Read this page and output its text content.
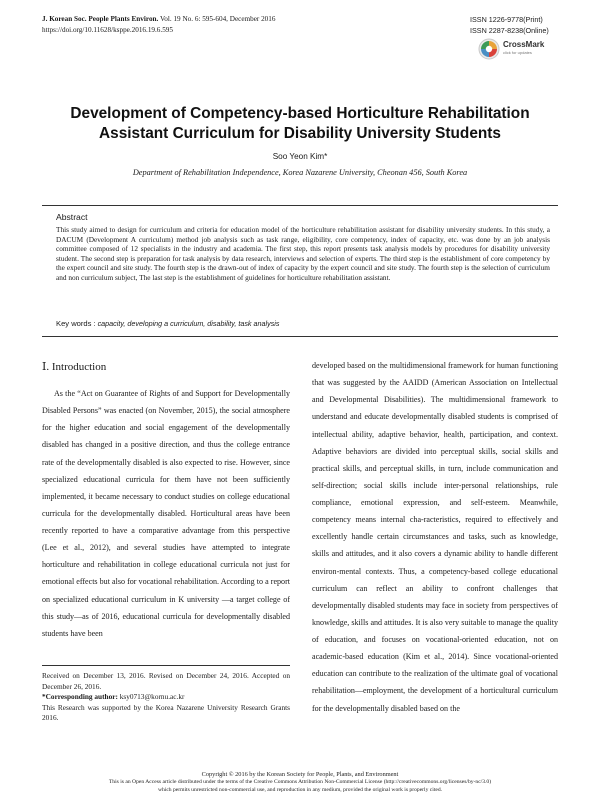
J. Korean Soc. People Plants Environ. Vol. 19 No. 6: 595-604, December 2016
https://doi.org/10.11628/ksppe.2016.19.6.595
ISSN 1226-9778(Print)
ISSN 2287-8238(Online)
CrossMark
click for updates
Development of Competency-based Horticulture Rehabilitation
Assistant Curriculum for Disability University Students
Soo Yeon Kim*
Department of Rehabilitation Independence, Korea Nazarene University, Cheonan 456, South Korea
Abstract
This study aimed to design for curriculum and criteria for education model of the horticulture rehabilitation assistant for disability university students. In this study, a DACUM (Development A curriculum) method job analysis such as task range, eligibility, core competency, index of capacity, etc. was done by an job analysis committee composed of 12 specialists in the industry and academia. The first step, this report presents task analysis models by procedures for disability university student. The second step is preparation for task analysis by data research, interviews and selection of experts. The third step is the establishment of core competency by the expert council and site study. The fourth step is the drawn-out of index of capacity by the expert council and site study. The fourth step is the selection of curriculum and non curriculum subject, The last step is the establishment of guidelines for horticulture rehabilitation assistant.
Key words : capacity, developing a curriculum, disability, task analysis
Ⅰ. Introduction
As the “Act on Guarantee of Rights of and Support for Developmentally Disabled Persons” was enacted (on November, 2015), the social atmosphere for the higher education and social engagement of the developmentally disabled has changed in a positive direction, and thus the college entrance rate of the developmentally disabled is also expected to rise. However, since specialized educational curricula for them have not been sufficiently implemented, it became necessary to conduct studies on college educational curricula for the developmentally disabled. Horticultural areas have been recently reported to have a comparative advantage from this perspective (Lee et al., 2012), and several studies have attempted to integrate horticulture and rehabilitation in college educational curricula not just for emotional effects but also for vocational rehabilitation. According to a report on specialized educational curriculum in K university —a target college of this study—as of 2016, educational curricula for developmentally disabled students have been
developed based on the multidimensional framework for human functioning that was suggested by the AAIDD (American Association on Intellectual and Developmental Disabilities). The multidimensional framework to understand and educate developmentally disabled students is comprised of intellectual ability, adaptive behavior, health, participation, and context. Adaptive behaviors are divided into perceptual skills, social skills and practical skills, and perceptual skills, in turn, include communication and self-direction; social skills include inter-personal relationships, rule compliance, emotional expression, and self-esteem. Meanwhile, competency means internal cha-racteristics, required to effectively and excellently handle certain circumstances and tasks, such as knowledge, skills and attitudes, and it also covers a dynamic ability to handle different environ-mental contexts. Thus, a competency-based college educational curriculum can reflect an ability to confront challenges that developmentally disabled students may face in society from perspectives of knowledge, skills and attitudes. It is also very suitable to manage the quality of education, and focuses on vocational-oriented education, not on academic-based education (Kim et al., 2014). Since vocational-oriented education can contribute to the realization of the ultimate goal of vocational rehabilitation—employment, the development of a horticultural curriculum for the developmentally disabled based on the
Received on December 13, 2016. Revised on December 24, 2016. Accepted on December 26, 2016.
*Corresponding author: ksy0713@kornu.ac.kr
This Research was supported by the Korea Nazarene University Research Grants 2016.
Copyright © 2016 by the Korean Society for People, Plants, and Environment
This is an Open Access article distributed under the terms of the Creative Commons Attribution Non-Commercial License (http://creativecommons.org/licenses/by-nc/3.0)
which permits unrestricted non-commercial use, and reproduction in any medium, provided the original work is properly cited.
